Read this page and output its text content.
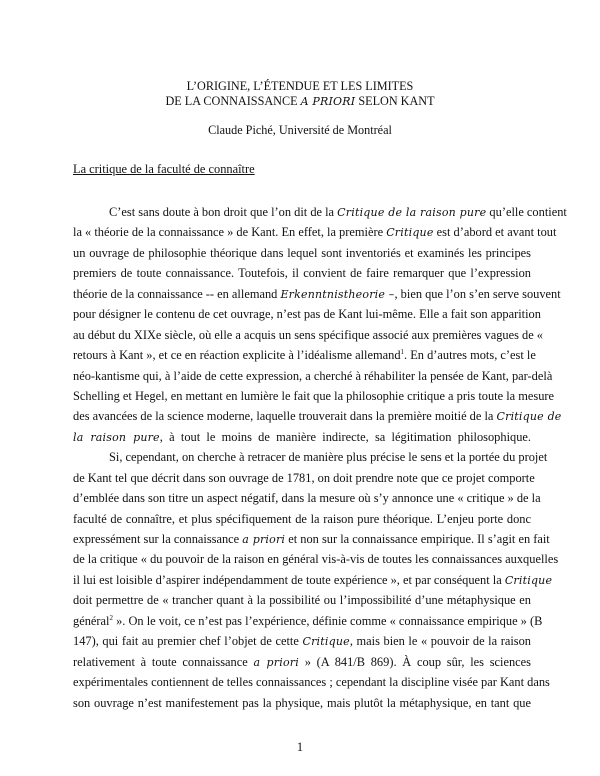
L’ORIGINE, L’ÉTENDUE ET LES LIMITES
DE LA CONNAISSANCE A PRIORI SELON KANT
Claude Piché, Université de Montréal
La critique de la faculté de connaître
C’est sans doute à bon droit que l’on dit de la Critique de la raison pure qu’elle contient
la « théorie de la connaissance » de Kant. En effet, la première Critique est d’abord et avant tout
un ouvrage de philosophie théorique dans lequel sont inventoriés et examinés les principes
premiers de toute connaissance. Toutefois, il convient de faire remarquer que l’expression
théorie de la connaissance -- en allemand Erkenntnistheorie –, bien que l’on s’en serve souvent
pour désigner le contenu de cet ouvrage, n’est pas de Kant lui-même. Elle a fait son apparition
au début du XIXe siècle, où elle a acquis un sens spécifique associé aux premières vagues de «
retours à Kant », et ce en réaction explicite à l’idéalisme allemand$^1$. En d’autres mots, c’est le
néo-kantisme qui, à l’aide de cette expression, a cherché à réhabiliter la pensée de Kant, par-delà
Schelling et Hegel, en mettant en lumière le fait que la philosophie critique a pris toute la mesure
des avancées de la science moderne, laquelle trouverait dans la première moitié de la Critique de
la raison pure, à tout le moins de manière indirecte, sa légitimation philosophique.
Si, cependant, on cherche à retracer de manière plus précise le sens et la portée du projet
de Kant tel que décrit dans son ouvrage de 1781, on doit prendre note que ce projet comporte
d’emblée dans son titre un aspect négatif, dans la mesure où s’y annonce une « critique » de la
faculté de connaître, et plus spécifiquement de la raison pure théorique. L’enjeu porte donc
expressément sur la connaissance a priori et non sur la connaissance empirique. Il s’agit en fait
de la critique « du pouvoir de la raison en général vis-à-vis de toutes les connaissances auxquelles
il lui est loisible d’aspirer indépendamment de toute expérience », et par conséquent la Critique
doit permettre de « trancher quant à la possibilité ou l’impossibilité d’une métaphysique en
général$^2$ ». On le voit, ce n’est pas l’expérience, définie comme « connaissance empirique » (B
147), qui fait au premier chef l’objet de cette Critique, mais bien le « pouvoir de la raison
relativement à toute connaissance a priori » (A 841/B 869). À coup sûr, les sciences
expérimentales contiennent de telles connaissances ; cependant la discipline visée par Kant dans
son ouvrage n’est manifestement pas la physique, mais plutôt la métaphysique, en tant que
1
